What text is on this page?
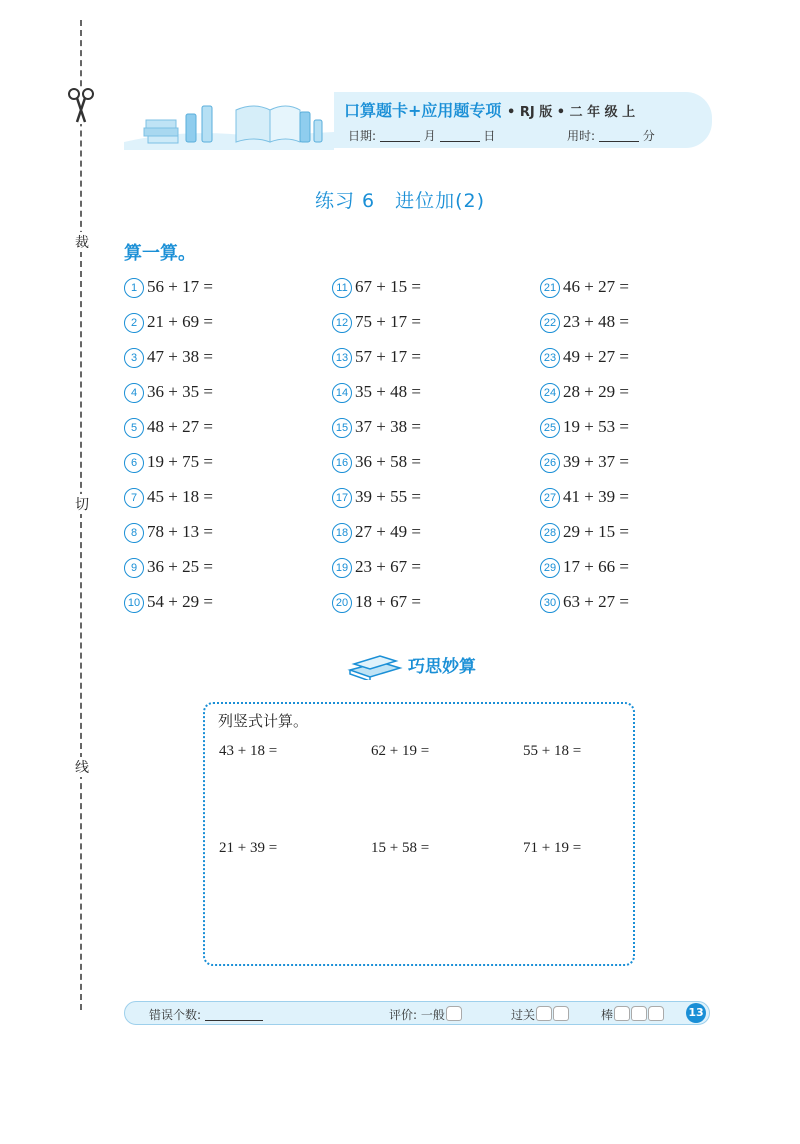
裁
切
线
口算题卡+应用题专项 • RJ 版 • 二 年 级 上
日期:	月	日	用时:	分
练习 6　进位加(2)
算一算。
1 56 + 17 =
2 21 + 69 =
3 47 + 38 =
4 36 + 35 =
5 48 + 27 =
6 19 + 75 =
7 45 + 18 =
8 78 + 13 =
9 36 + 25 =
10 54 + 29 =
11 67 + 15 =
12 75 + 17 =
13 57 + 17 =
14 35 + 48 =
15 37 + 38 =
16 36 + 58 =
17 39 + 55 =
18 27 + 49 =
19 23 + 67 =
20 18 + 67 =
21 46 + 27 =
22 23 + 48 =
23 49 + 27 =
24 28 + 29 =
25 19 + 53 =
26 39 + 37 =
27 41 + 39 =
28 29 + 15 =
29 17 + 66 =
30 63 + 27 =
巧思妙算
列竖式计算。
43 + 18 =	62 + 19 =	55 + 18 =
21 + 39 =	15 + 58 =	71 + 19 =
错误个数:	评价: 一般	过关	棒	13
